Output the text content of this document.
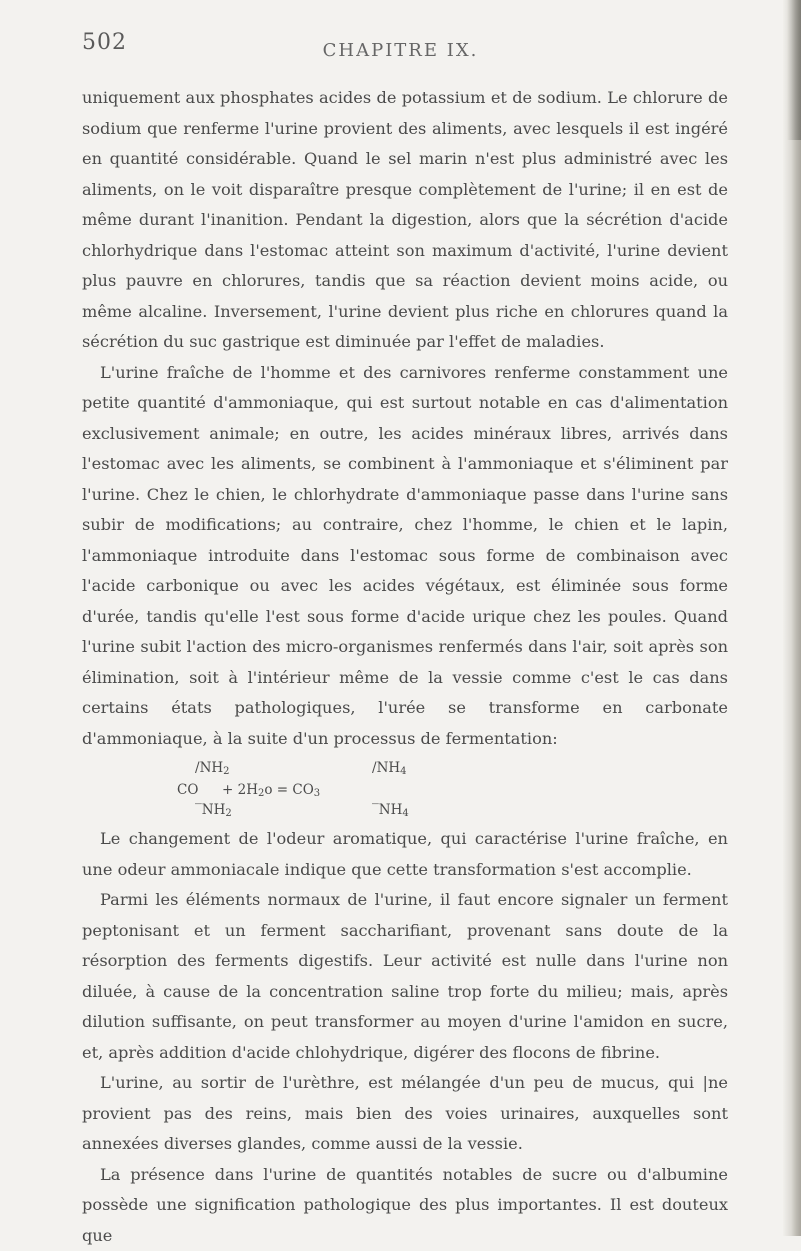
502	CHAPITRE IX.

uniquement aux phosphates acides de potassium et de sodium. Le chlorure de sodium que renferme l'urine provient des aliments, avec lesquels il est ingéré en quantité considérable. Quand le sel marin n'est plus administré avec les aliments, on le voit disparaître presque complètement de l'urine; il en est de même durant l'inanition. Pendant la digestion, alors que la sécrétion d'acide chlorhydrique dans l'estomac atteint son maximum d'activité, l'urine devient plus pauvre en chlorures, tandis que sa réaction devient moins acide, ou même alcaline. Inversement, l'urine devient plus riche en chlorures quand la sécrétion du suc gastrique est diminuée par l'effet de maladies.

L'urine fraîche de l'homme et des carnivores renferme constamment une petite quantité d'ammoniaque, qui est surtout notable en cas d'alimentation exclusivement animale; en outre, les acides minéraux libres, arrivés dans l'estomac avec les aliments, se combinent à l'ammoniaque et s'éliminent par l'urine. Chez le chien, le chlorhydrate d'ammoniaque passe dans l'urine sans subir de modifications; au contraire, chez l'homme, le chien et le lapin, l'ammoniaque introduite dans l'estomac sous forme de combinaison avec l'acide carbonique ou avec les acides végétaux, est éliminée sous forme d'urée, tandis qu'elle l'est sous forme d'acide urique chez les poules. Quand l'urine subit l'action des micro-organismes renfermés dans l'air, soit après son élimination, soit à l'intérieur même de la vessie comme c'est le cas dans certains états pathologiques, l'urée se transforme en carbonate d'ammoniaque, à la suite d'un processus de fermentation:

$/NH_2$
CO + $2H_2o = CO_3$
$‾NH_2$
$/NH_4$
$‾NH_4$

Le changement de l'odeur aromatique, qui caractérise l'urine fraîche, en une odeur ammoniacale indique que cette transformation s'est accomplie.

Parmi les éléments normaux de l'urine, il faut encore signaler un ferment peptonisant et un ferment saccharifiant, provenant sans doute de la résorption des ferments digestifs. Leur activité est nulle dans l'urine non diluée, à cause de la concentration saline trop forte du milieu; mais, après dilution suffisante, on peut transformer au moyen d'urine l'amidon en sucre, et, après addition d'acide chlohydrique, digérer des flocons de fibrine.

L'urine, au sortir de l'urèthre, est mélangée d'un peu de mucus, qui |ne provient pas des reins, mais bien des voies urinaires, auxquelles sont annexées diverses glandes, comme aussi de la vessie.

La présence dans l'urine de quantités notables de sucre ou d'albumine possède une signification pathologique des plus importantes. Il est douteux que
